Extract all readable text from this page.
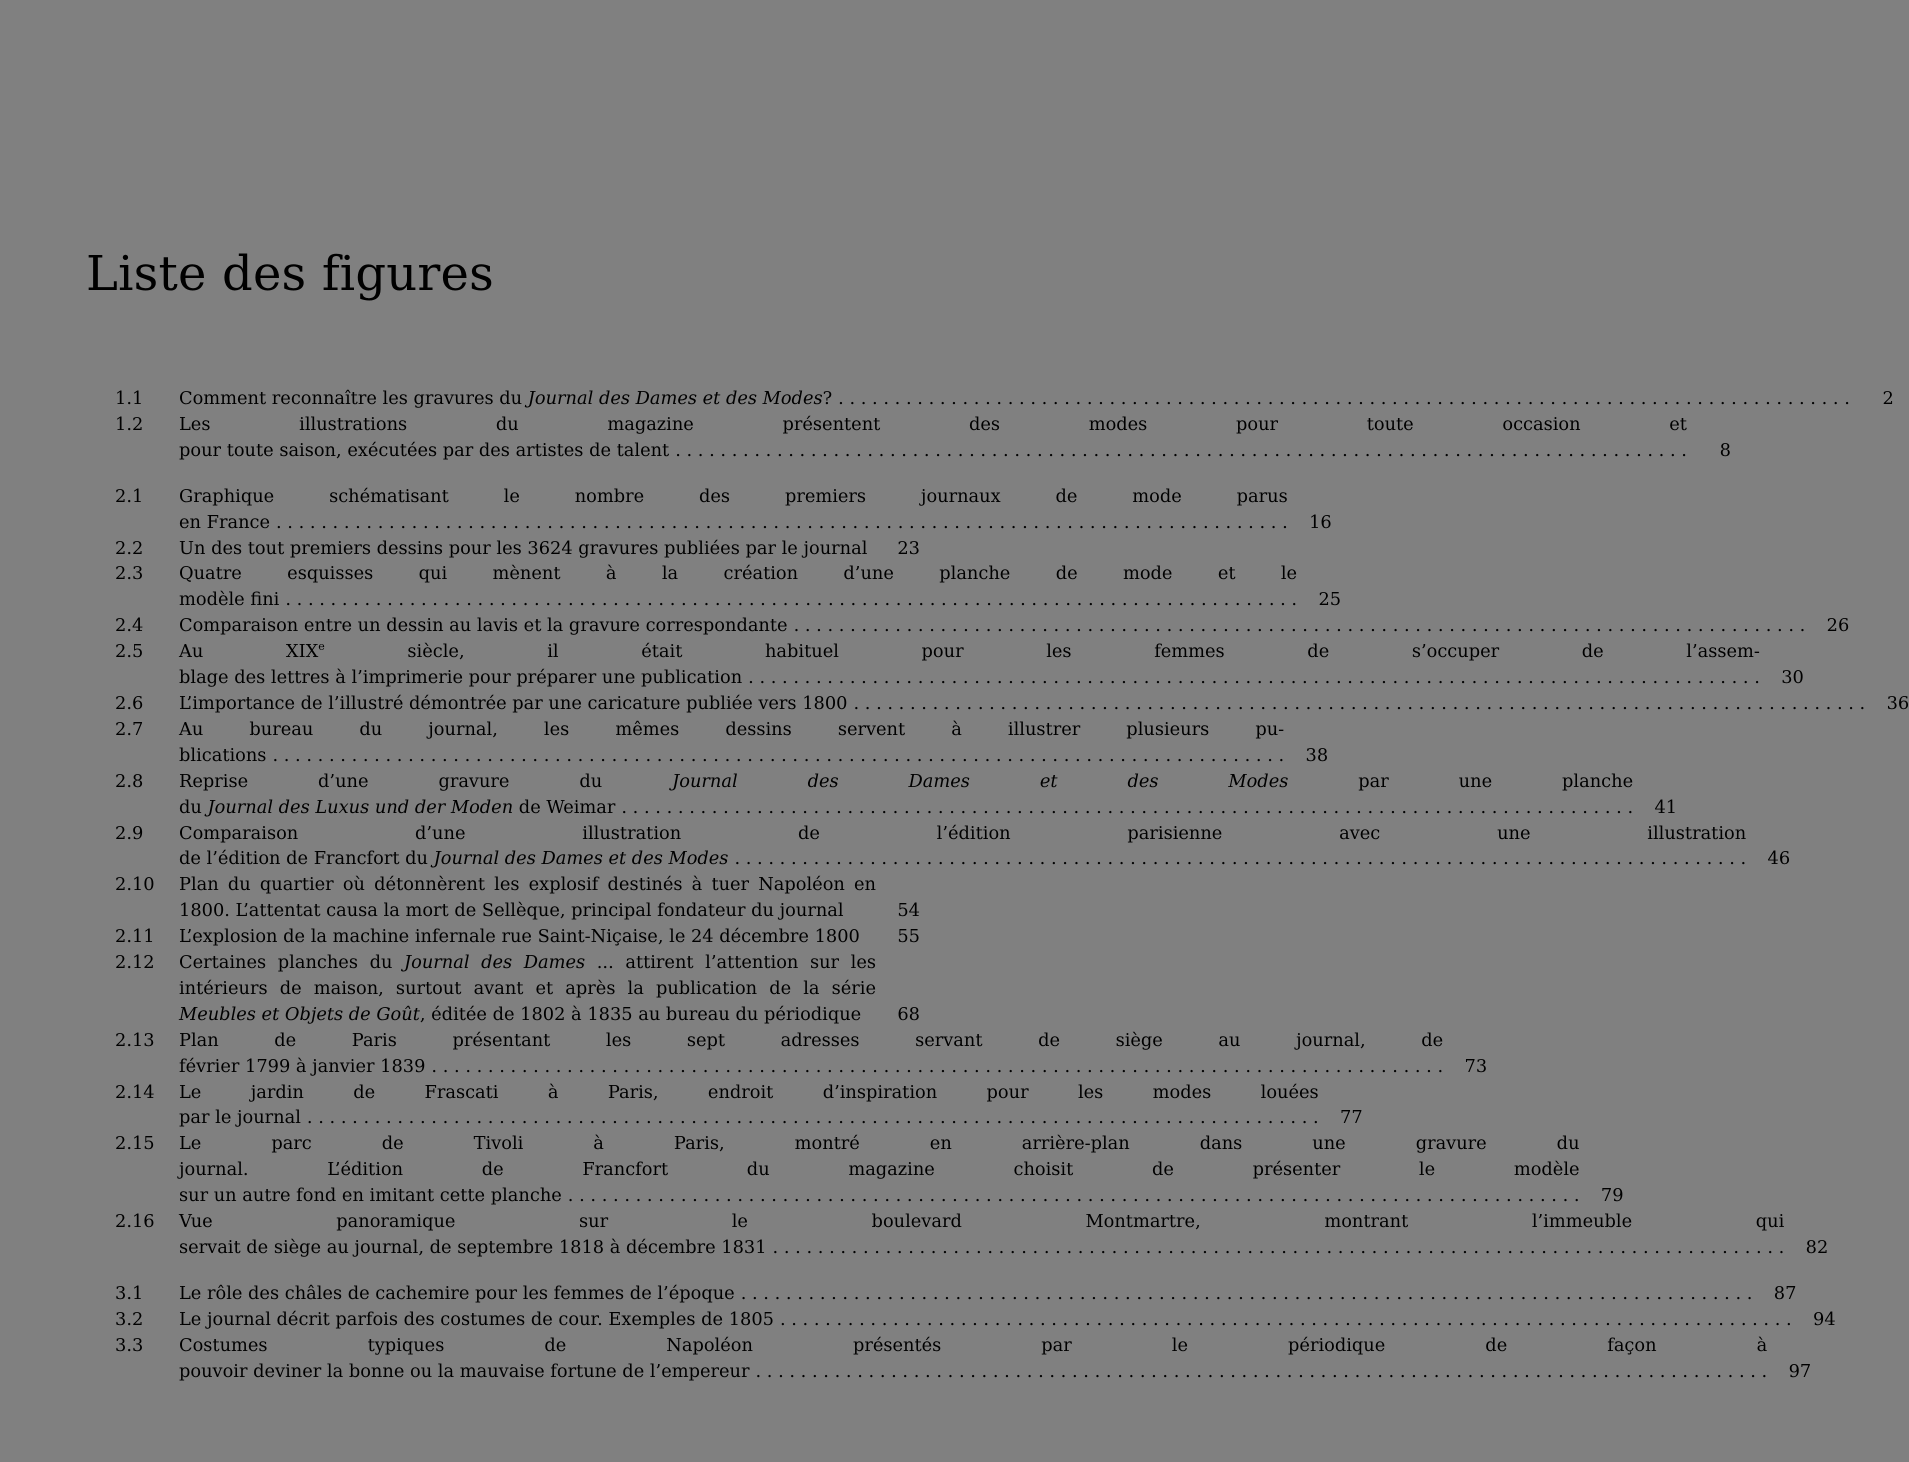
Liste des figures
1.1	Comment reconnaître les gravures du Journal des Dames et des Modes? . . .	2
1.2	Les illustrations du magazine présentent des modes pour toute occasion et
pour toute saison, exécutées par des artistes de talent . . .	8
2.1	Graphique schématisant le nombre des premiers journaux de mode parus
en France . . .	16
2.2	Un des tout premiers dessins pour les 3624 gravures publiées par le journal	23
2.3	Quatre esquisses qui mènent à la création d’une planche de mode et le
modèle fini . . .	25
2.4	Comparaison entre un dessin au lavis et la gravure correspondante . . .	26
2.5	Au XIXe siècle, il était habituel pour les femmes de s’occuper de l’assem-
blage des lettres à l’imprimerie pour préparer une publication . . .	30
2.6	L’importance de l’illustré démontrée par une caricature publiée vers 1800 . . .	36
2.7	Au bureau du journal, les mêmes dessins servent à illustrer plusieurs pu-
blications . . .	38
2.8	Reprise d’une gravure du Journal des Dames et des Modes par une planche
du Journal des Luxus und der Moden de Weimar . . .	41
2.9	Comparaison d’une illustration de l’édition parisienne avec une illustration
de l’édition de Francfort du Journal des Dames et des Modes . . .	46
2.10	Plan du quartier où détonnèrent les explosif destinés à tuer Napoléon en
1800. L’attentat causa la mort de Sellèque, principal fondateur du journal	54
2.11	L’explosion de la machine infernale rue Saint-Niçaise, le 24 décembre 1800	55
2.12	Certaines planches du Journal des Dames ... attirent l’attention sur les
intérieurs de maison, surtout avant et après la publication de la série
Meubles et Objets de Goût, éditée de 1802 à 1835 au bureau du périodique	68
2.13	Plan de Paris présentant les sept adresses servant de siège au journal, de
février 1799 à janvier 1839 . . .	73
2.14	Le jardin de Frascati à Paris, endroit d’inspiration pour les modes louées
par le journal . . .	77
2.15	Le parc de Tivoli à Paris, montré en arrière-plan dans une gravure du
journal. L’édition de Francfort du magazine choisit de présenter le modèle
sur un autre fond en imitant cette planche . . .	79
2.16	Vue panoramique sur le boulevard Montmartre, montrant l’immeuble qui
servait de siège au journal, de septembre 1818 à décembre 1831 . . .	82
3.1	Le rôle des châles de cachemire pour les femmes de l’époque . . .	87
3.2	Le journal décrit parfois des costumes de cour. Exemples de 1805 . . .	94
3.3	Costumes typiques de Napoléon présentés par le périodique de façon à
pouvoir deviner la bonne ou la mauvaise fortune de l’empereur . . .	97
